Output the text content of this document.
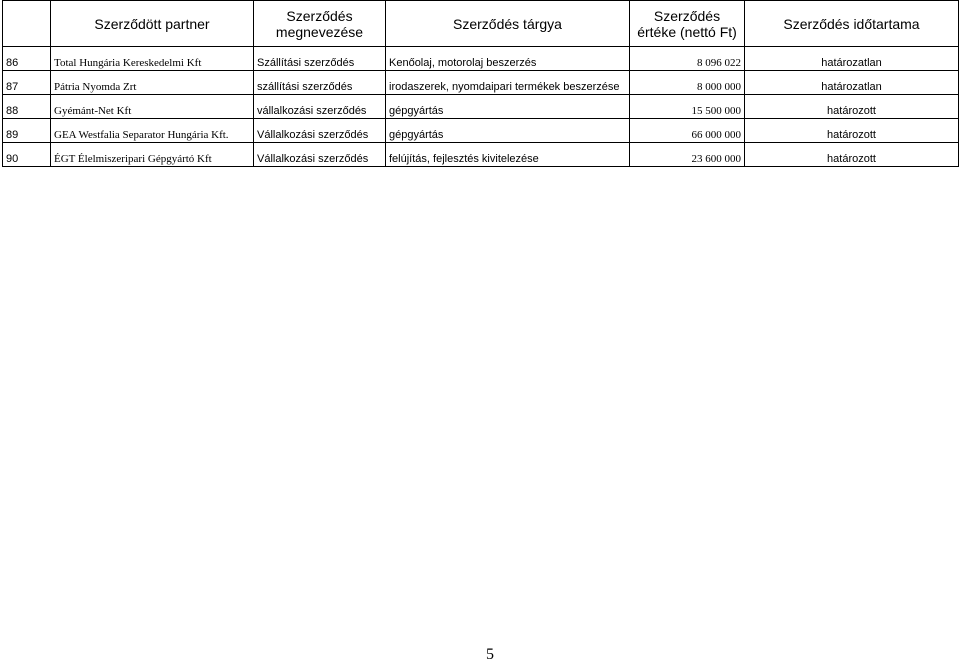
	Szerződött partner	Szerződés megnevezése	Szerződés tárgya	Szerződés értéke (nettó Ft)	Szerződés időtartama
86	Total Hungária Kereskedelmi Kft	Szállítási szerződés	Kenőolaj, motorolaj beszerzés	8 096 022	határozatlan
87	Pátria Nyomda Zrt	szállítási szerződés	irodaszerek, nyomdaipari termékek beszerzése	8 000 000	határozatlan
88	Gyémánt-Net Kft	vállalkozási szerződés	gépgyártás	15 500 000	határozott
89	GEA Westfalia Separator Hungária Kft.	Vállalkozási szerződés	gépgyártás	66 000 000	határozott
90	ÉGT Élelmiszeripari Gépgyártó Kft	Vállalkozási szerződés	felújítás, fejlesztés kivitelezése	23 600 000	határozott
5
